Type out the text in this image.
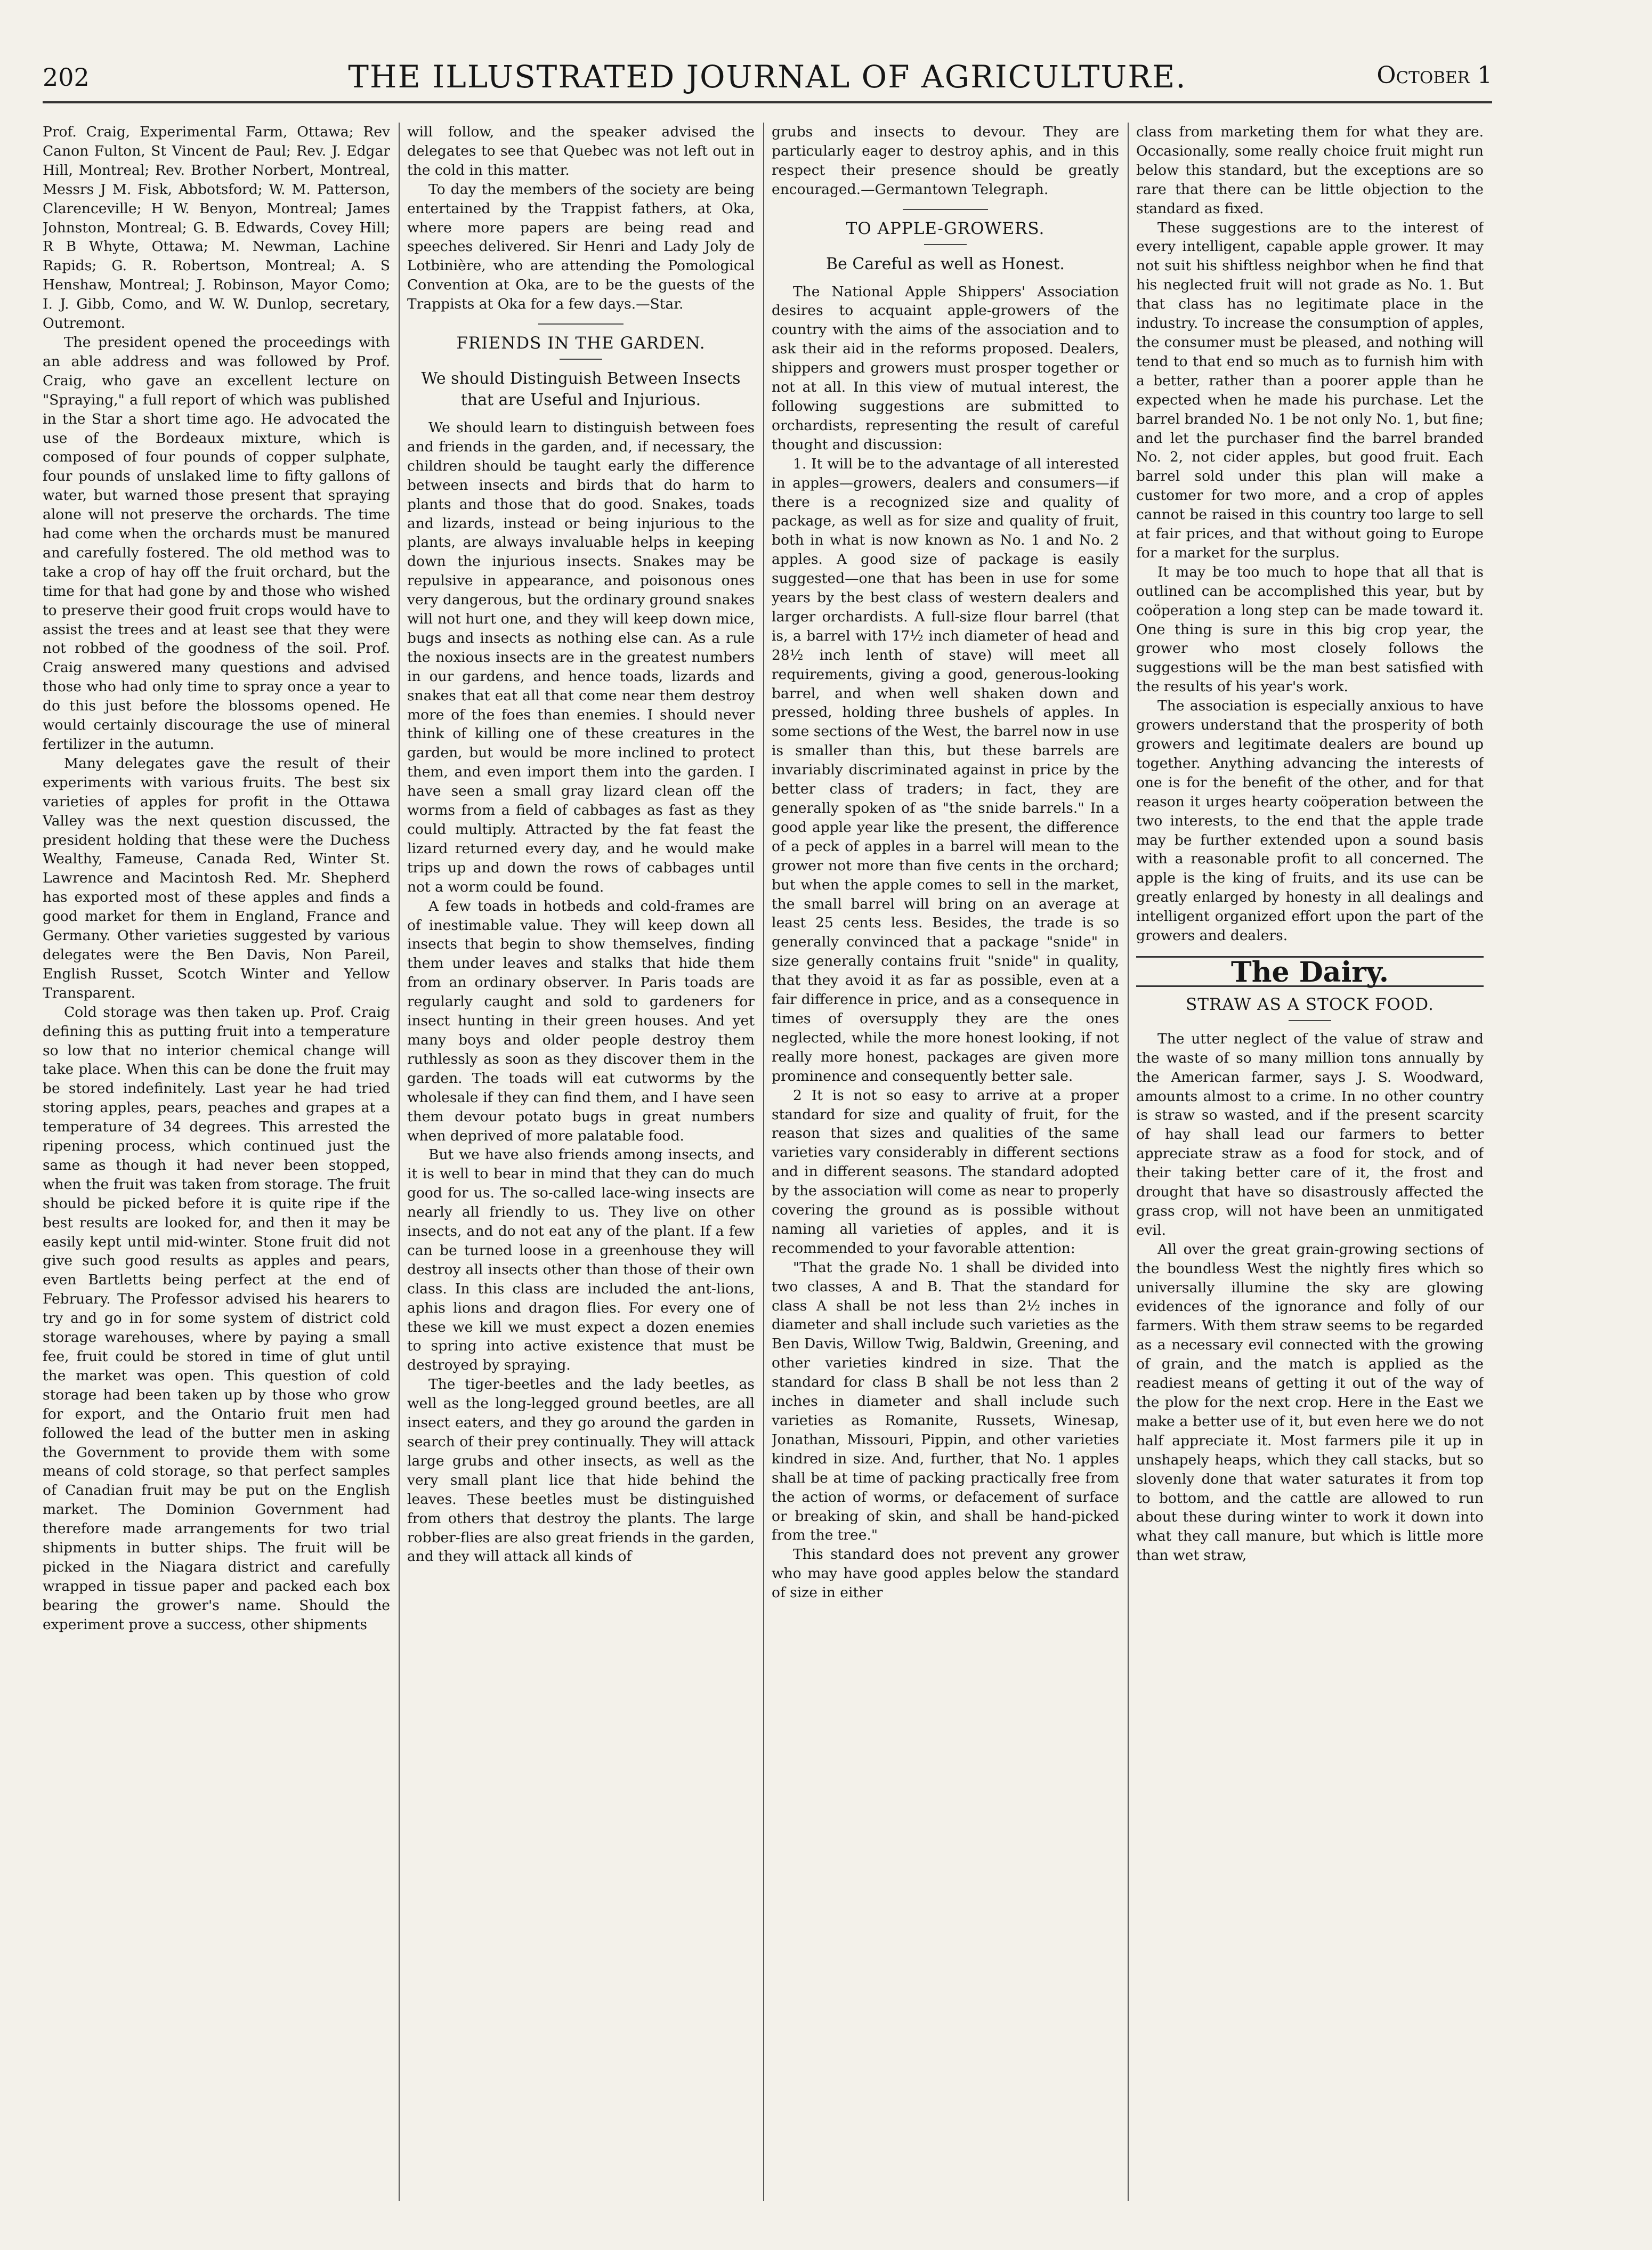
202	THE ILLUSTRATED JOURNAL OF AGRICULTURE.	October 1

Prof. Craig, Experimental Farm, Ottawa; Rev Canon Fulton, St Vincent de Paul; Rev. J. Edgar Hill, Montreal; Rev. Brother Norbert, Montreal, Messrs J M. Fisk, Abbotsford; W. M. Patterson, Clarenceville; H W. Benyon, Montreal; James Johnston, Montreal; G. B. Edwards, Covey Hill; R B Whyte, Ottawa; M. Newman, Lachine Rapids; G. R. Robertson, Montreal; A. S Henshaw, Montreal; J. Robinson, Mayor Como; I. J. Gibb, Como, and W. W. Dunlop, secretary, Outremont.

The president opened the proceedings with an able address and was followed by Prof. Craig, who gave an excellent lecture on "Spraying," a full report of which was published in the Star a short time ago. He advocated the use of the Bordeaux mixture, which is composed of four pounds of copper sulphate, four pounds of unslaked lime to fifty gallons of water, but warned those present that spraying alone will not preserve the orchards. The time had come when the orchards must be manured and carefully fostered. The old method was to take a crop of hay off the fruit orchard, but the time for that had gone by and those who wished to preserve their good fruit crops would have to assist the trees and at least see that they were not robbed of the goodness of the soil. Prof. Craig answered many questions and advised those who had only time to spray once a year to do this just before the blossoms opened. He would certainly discourage the use of mineral fertilizer in the autumn.

Many delegates gave the result of their experiments with various fruits. The best six varieties of apples for profit in the Ottawa Valley was the next question discussed, the president holding that these were the Duchess Wealthy, Fameuse, Canada Red, Winter St. Lawrence and Macintosh Red. Mr. Shepherd has exported most of these apples and finds a good market for them in England, France and Germany. Other varieties suggested by various delegates were the Ben Davis, Non Pareil, English Russet, Scotch Winter and Yellow Transparent.

Cold storage was then taken up. Prof. Craig defining this as putting fruit into a temperature so low that no interior chemical change will take place. When this can be done the fruit may be stored indefinitely. Last year he had tried storing apples, pears, peaches and grapes at a temperature of 34 degrees. This arrested the ripening process, which continued just the same as though it had never been stopped, when the fruit was taken from storage. The fruit should be picked before it is quite ripe if the best results are looked for, and then it may be easily kept until mid-winter. Stone fruit did not give such good results as apples and pears, even Bartletts being perfect at the end of February. The Professor advised his hearers to try and go in for some system of district cold storage warehouses, where by paying a small fee, fruit could be stored in time of glut until the market was open. This question of cold storage had been taken up by those who grow for export, and the Ontario fruit men had followed the lead of the butter men in asking the Government to provide them with some means of cold storage, so that perfect samples of Canadian fruit may be put on the English market. The Dominion Government had therefore made arrangements for two trial shipments in butter ships. The fruit will be picked in the Niagara district and carefully wrapped in tissue paper and packed each box bearing the grower's name. Should the experiment prove a success, other shipments

will follow, and the speaker advised the delegates to see that Quebec was not left out in the cold in this matter.

To day the members of the society are being entertained by the Trappist fathers, at Oka, where more papers are being read and speeches delivered. Sir Henri and Lady Joly de Lotbinière, who are attending the Pomological Convention at Oka, are to be the guests of the Trappists at Oka for a few days.—Star.

FRIENDS IN THE GARDEN.
We should Distinguish Between Insects that are Useful and Injurious.

We should learn to distinguish between foes and friends in the garden, and, if necessary, the children should be taught early the difference between insects and birds that do harm to plants and those that do good. Snakes, toads and lizards, instead or being injurious to the plants, are always invaluable helps in keeping down the injurious insects. Snakes may be repulsive in appearance, and poisonous ones very dangerous, but the ordinary ground snakes will not hurt one, and they will keep down mice, bugs and insects as nothing else can. As a rule the noxious insects are in the greatest numbers in our gardens, and hence toads, lizards and snakes that eat all that come near them destroy more of the foes than enemies. I should never think of killing one of these creatures in the garden, but would be more inclined to protect them, and even import them into the garden. I have seen a small gray lizard clean off the worms from a field of cabbages as fast as they could multiply. Attracted by the fat feast the lizard returned every day, and he would make trips up and down the rows of cabbages until not a worm could be found.

A few toads in hotbeds and cold-frames are of inestimable value. They will keep down all insects that begin to show themselves, finding them under leaves and stalks that hide them from an ordinary observer. In Paris toads are regularly caught and sold to gardeners for insect hunting in their green houses. And yet many boys and older people destroy them ruthlessly as soon as they discover them in the garden. The toads will eat cutworms by the wholesale if they can find them, and I have seen them devour potato bugs in great numbers when deprived of more palatable food.

But we have also friends among insects, and it is well to bear in mind that they can do much good for us. The so-called lace-wing insects are nearly all friendly to us. They live on other insects, and do not eat any of the plant. If a few can be turned loose in a greenhouse they will destroy all insects other than those of their own class. In this class are included the ant-lions, aphis lions and dragon flies. For every one of these we kill we must expect a dozen enemies to spring into active existence that must be destroyed by spraying.

The tiger-beetles and the lady beetles, as well as the long-legged ground beetles, are all insect eaters, and they go around the garden in search of their prey continually. They will attack large grubs and other insects, as well as the very small plant lice that hide behind the leaves. These beetles must be distinguished from others that destroy the plants. The large robber-flies are also great friends in the garden, and they will attack all kinds of

grubs and insects to devour. They are particularly eager to destroy aphis, and in this respect their presence should be greatly encouraged.—Germantown Telegraph.

TO APPLE-GROWERS.
Be Careful as well as Honest.

The National Apple Shippers' Association desires to acquaint apple-growers of the country with the aims of the association and to ask their aid in the reforms proposed. Dealers, shippers and growers must prosper together or not at all. In this view of mutual interest, the following suggestions are submitted to orchardists, representing the result of careful thought and discussion:

1. It will be to the advantage of all interested in apples—growers, dealers and consumers—if there is a recognized size and quality of package, as well as for size and quality of fruit, both in what is now known as No. 1 and No. 2 apples. A good size of package is easily suggested—one that has been in use for some years by the best class of western dealers and larger orchardists. A full-size flour barrel (that is, a barrel with 17½ inch diameter of head and 28½ inch lenth of stave) will meet all requirements, giving a good, generous-looking barrel, and when well shaken down and pressed, holding three bushels of apples. In some sections of the West, the barrel now in use is smaller than this, but these barrels are invariably discriminated against in price by the better class of traders; in fact, they are generally spoken of as "the snide barrels." In a good apple year like the present, the difference of a peck of apples in a barrel will mean to the grower not more than five cents in the orchard; but when the apple comes to sell in the market, the small barrel will bring on an average at least 25 cents less. Besides, the trade is so generally convinced that a package "snide" in size generally contains fruit "snide" in quality, that they avoid it as far as possible, even at a fair difference in price, and as a consequence in times of oversupply they are the ones neglected, while the more honest looking, if not really more honest, packages are given more prominence and consequently better sale.

2 It is not so easy to arrive at a proper standard for size and quality of fruit, for the reason that sizes and qualities of the same varieties vary considerably in different sections and in different seasons. The standard adopted by the association will come as near to properly covering the ground as is possible without naming all varieties of apples, and it is recommended to your favorable attention:

"That the grade No. 1 shall be divided into two classes, A and B. That the standard for class A shall be not less than 2½ inches in diameter and shall include such varieties as the Ben Davis, Willow Twig, Baldwin, Greening, and other varieties kindred in size. That the standard for class B shall be not less than 2 inches in diameter and shall include such varieties as Romanite, Russets, Winesap, Jonathan, Missouri, Pippin, and other varieties kindred in size. And, further, that No. 1 apples shall be at time of packing practically free from the action of worms, or defacement of surface or breaking of skin, and shall be hand-picked from the tree."

This standard does not prevent any grower who may have good apples below the standard of size in either

class from marketing them for what they are. Occasionally, some really choice fruit might run below this standard, but the exceptions are so rare that there can be little objection to the standard as fixed.

These suggestions are to the interest of every intelligent, capable apple grower. It may not suit his shiftless neighbor when he find that his neglected fruit will not grade as No. 1. But that class has no legitimate place in the industry. To increase the consumption of apples, the consumer must be pleased, and nothing will tend to that end so much as to furnish him with a better, rather than a poorer apple than he expected when he made his purchase. Let the barrel branded No. 1 be not only No. 1, but fine; and let the purchaser find the barrel branded No. 2, not cider apples, but good fruit. Each barrel sold under this plan will make a customer for two more, and a crop of apples cannot be raised in this country too large to sell at fair prices, and that without going to Europe for a market for the surplus.

It may be too much to hope that all that is outlined can be accomplished this year, but by coöperation a long step can be made toward it. One thing is sure in this big crop year, the grower who most closely follows the suggestions will be the man best satisfied with the results of his year's work.

The association is especially anxious to have growers understand that the prosperity of both growers and legitimate dealers are bound up together. Anything advancing the interests of one is for the benefit of the other, and for that reason it urges hearty coöperation between the two interests, to the end that the apple trade may be further extended upon a sound basis with a reasonable profit to all concerned. The apple is the king of fruits, and its use can be greatly enlarged by honesty in all dealings and intelligent organized effort upon the part of the growers and dealers.

The Dairy.
STRAW AS A STOCK FOOD.

The utter neglect of the value of straw and the waste of so many million tons annually by the American farmer, says J. S. Woodward, amounts almost to a crime. In no other country is straw so wasted, and if the present scarcity of hay shall lead our farmers to better appreciate straw as a food for stock, and of their taking better care of it, the frost and drought that have so disastrously affected the grass crop, will not have been an unmitigated evil.

All over the great grain-growing sections of the boundless West the nightly fires which so universally illumine the sky are glowing evidences of the ignorance and folly of our farmers. With them straw seems to be regarded as a necessary evil connected with the growing of grain, and the match is applied as the readiest means of getting it out of the way of the plow for the next crop. Here in the East we make a better use of it, but even here we do not half appreciate it. Most farmers pile it up in unshapely heaps, which they call stacks, but so slovenly done that water saturates it from top to bottom, and the cattle are allowed to run about these during winter to work it down into what they call manure, but which is little more than wet straw,
